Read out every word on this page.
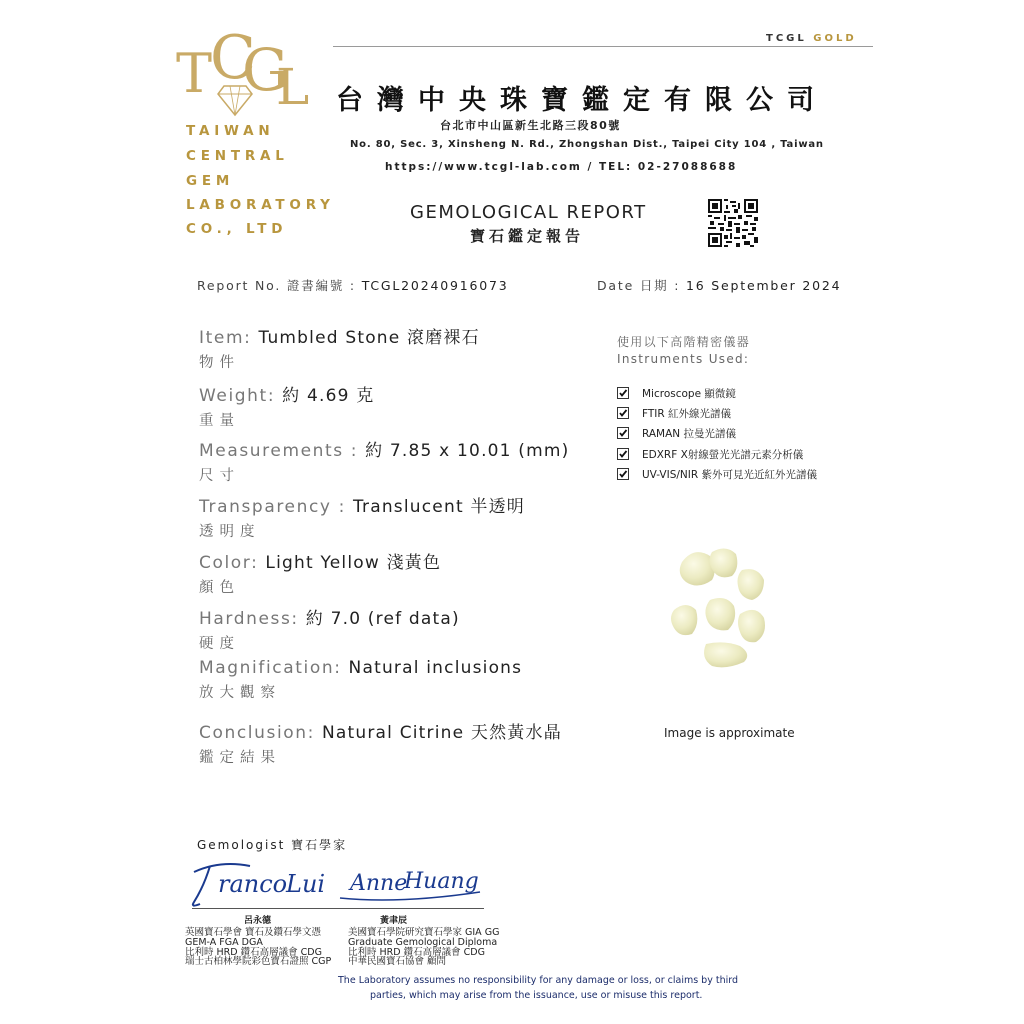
TCGL GOLD
T
C
G
L
TAIWAN
CENTRAL
GEM
LABORATORY
CO., LTD
台灣中央珠寶鑑定有限公司
台北市中山區新生北路三段80號
No. 80, Sec. 3, Xinsheng N. Rd., Zhongshan Dist., Taipei City 104 , Taiwan
https://www.tcgl-lab.com / TEL: 02-27088688
GEMOLOGICAL REPORT
寶石鑑定報告
Report No. 證書編號 : TCGL20240916073	Date 日期 : 16 September 2024
Item: Tumbled Stone 滾磨裸石
物件
Weight: 約 4.69 克
重量
Measurements : 約 7.85 x 10.01 (mm)
尺寸
Transparency : Translucent 半透明
透明度
Color: Light Yellow 淺黃色
顏色
Hardness: 約 7.0 (ref data)
硬度
Magnification: Natural inclusions
放大觀察
Conclusion: Natural Citrine 天然黃水晶
鑑定結果
使用以下高階精密儀器
Instruments Used:
Microscope 顯微鏡
FTIR 紅外線光譜儀
RAMAN 拉曼光譜儀
EDXRF X射線螢光光譜元素分析儀
UV-VIS/NIR 紫外可見光近紅外光譜儀
Image is approximate
Gemologist 寶石學家
ranco
Lui Anne
Huang
呂永德	黃聿辰
英國寶石學會 寶石及鑽石學文憑
GEM-A FGA DGA
比利時 HRD 鑽石高層議會 CDG
瑞士古柏林學院彩色寶石證照 CGP
美國寶石學院研究寶石學家 GIA GG
Graduate Gemological Diploma
比利時 HRD 鑽石高層議會 CDG
中華民國寶石協會 顧問
The Laboratory assumes no responsibility for any damage or loss, or claims by third
parties, which may arise from the issuance, use or misuse this report.
